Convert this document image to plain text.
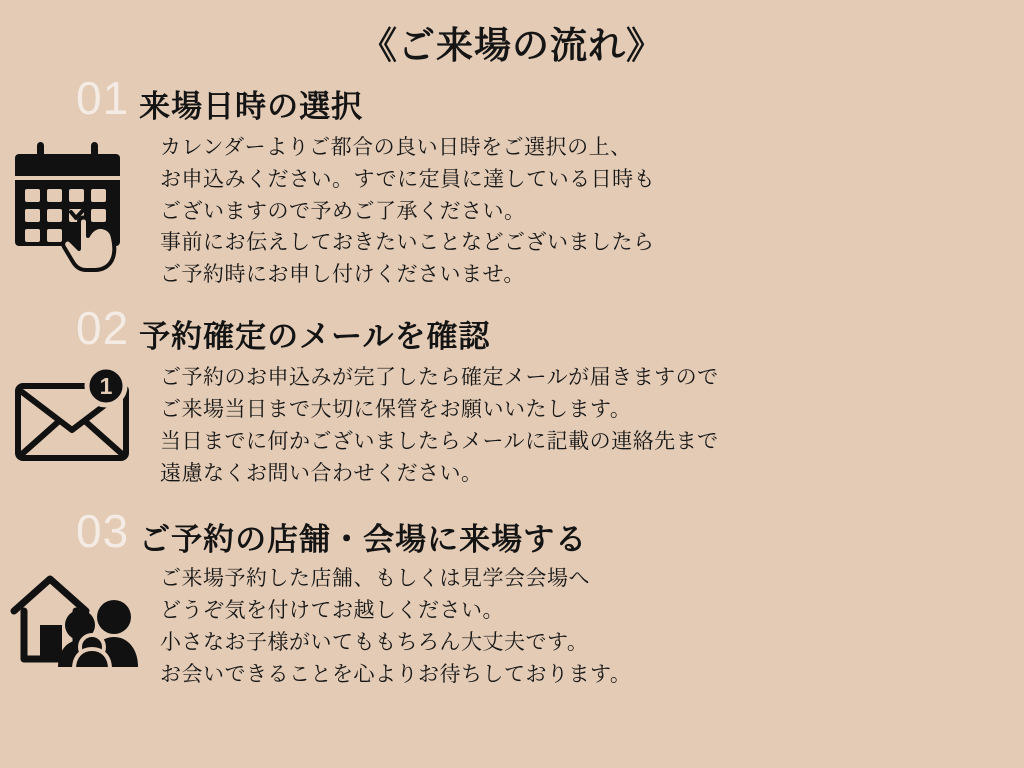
《ご来場の流れ》
01 来場日時の選択
カレンダーよりご都合の良い日時をご選択の上、
お申込みください。すでに定員に達している日時も
ございますので予めご了承ください。
事前にお伝えしておきたいことなどございましたら
ご予約時にお申し付けくださいませ。
02 予約確定のメールを確認
1 ご予約のお申込みが完了したら確定メールが届きますので
ご来場当日まで大切に保管をお願いいたします。
当日までに何かございましたらメールに記載の連絡先まで
遠慮なくお問い合わせください。
03 ご予約の店舗・会場に来場する
ご来場予約した店舗、もしくは見学会会場へ
どうぞ気を付けてお越しください。
小さなお子様がいてももちろん大丈夫です。
お会いできることを心よりお待ちしております。
